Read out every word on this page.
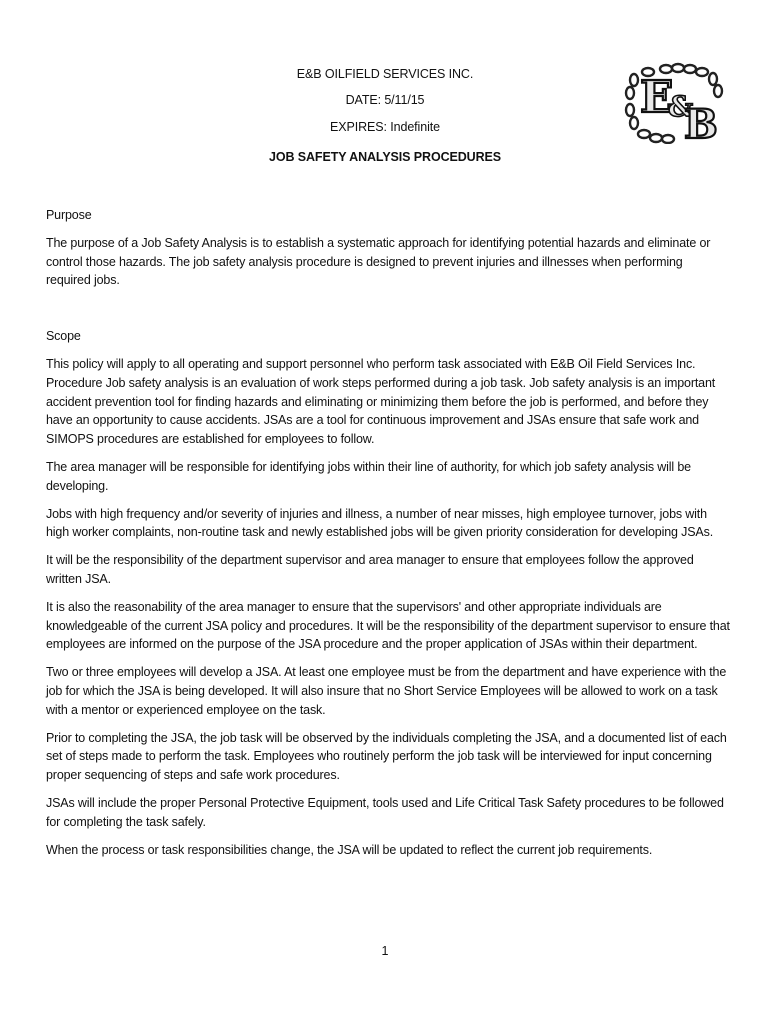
E&B OILFIELD SERVICES INC.
DATE: 5/11/15
EXPIRES: Indefinite
JOB SAFETY ANALYSIS PROCEDURES
E
&
B

Purpose

The purpose of a Job Safety Analysis is to establish a systematic approach for identifying potential hazards and eliminate or control those hazards. The job safety analysis procedure is designed to prevent injuries and illnesses when performing required jobs.

Scope

This policy will apply to all operating and support personnel who perform task associated with E&B Oil Field Services Inc. Procedure Job safety analysis is an evaluation of work steps performed during a job task. Job safety analysis is an important accident prevention tool for finding hazards and eliminating or minimizing them before the job is performed, and before they have an opportunity to cause accidents. JSAs are a tool for continuous improvement and JSAs ensure that safe work and SIMOPS procedures are established for employees to follow.

The area manager will be responsible for identifying jobs within their line of authority, for which job safety analysis will be developing.

Jobs with high frequency and/or severity of injuries and illness, a number of near misses, high employee turnover, jobs with high worker complaints, non-routine task and newly established jobs will be given priority consideration for developing JSAs.

It will be the responsibility of the department supervisor and area manager to ensure that employees follow the approved written JSA.

It is also the reasonability of the area manager to ensure that the supervisors' and other appropriate individuals are knowledgeable of the current JSA policy and procedures. It will be the responsibility of the department supervisor to ensure that employees are informed on the purpose of the JSA procedure and the proper application of JSAs within their department.

Two or three employees will develop a JSA. At least one employee must be from the department and have experience with the job for which the JSA is being developed. It will also insure that no Short Service Employees will be allowed to work on a task with a mentor or experienced employee on the task.

Prior to completing the JSA, the job task will be observed by the individuals completing the JSA, and a documented list of each set of steps made to perform the task. Employees who routinely perform the job task will be interviewed for input concerning proper sequencing of steps and safe work procedures.

JSAs will include the proper Personal Protective Equipment, tools used and Life Critical Task Safety procedures to be followed for completing the task safely.

When the process or task responsibilities change, the JSA will be updated to reflect the current job requirements.

1
